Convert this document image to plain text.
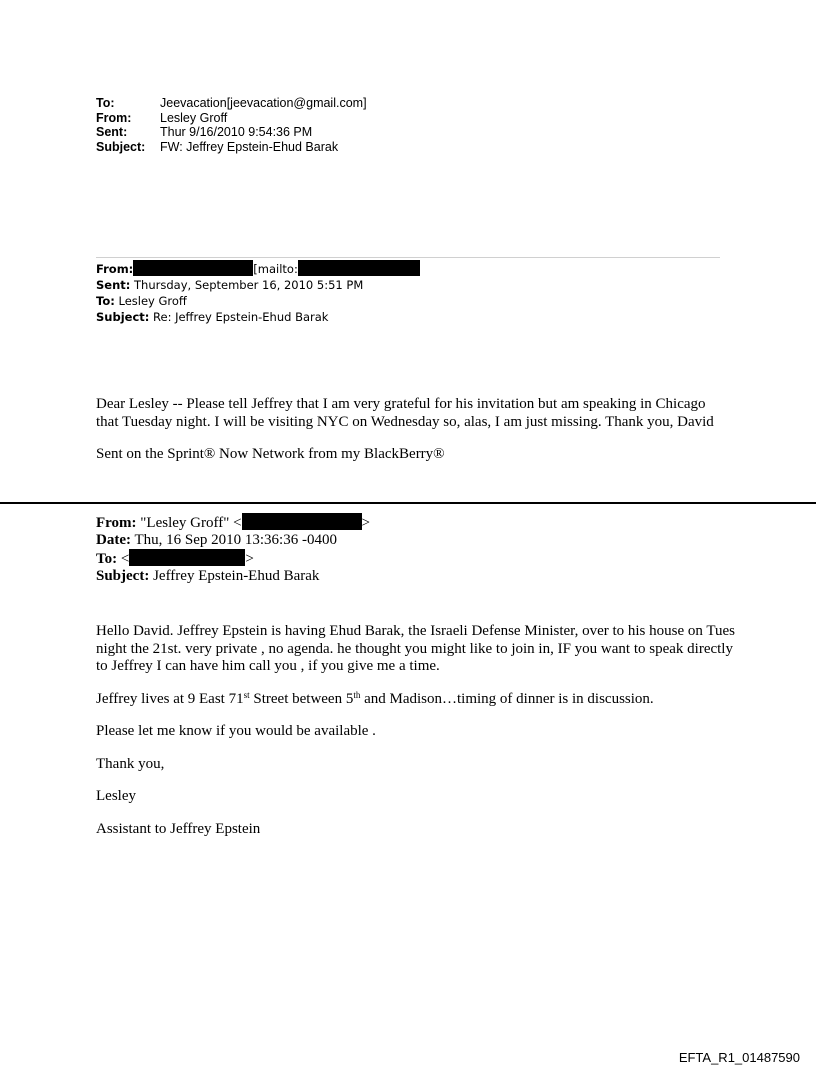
To:	Jeevacation[jeevacation@gmail.com]
From:	Lesley Groff
Sent:	Thur 9/16/2010 9:54:36 PM
Subject:	FW: Jeffrey Epstein-Ehud Barak
From:	[mailto:
Sent: Thursday, September 16, 2010 5:51 PM
To: Lesley Groff
Subject: Re: Jeffrey Epstein-Ehud Barak

Dear Lesley -- Please tell Jeffrey that I am very grateful for his invitation but am speaking in Chicago that Tuesday night. I will be visiting NYC on Wednesday so, alas, I am just missing. Thank you, David

Sent on the Sprint® Now Network from my BlackBerry®

From: "Lesley Groff" <	>
Date: Thu, 16 Sep 2010 13:36:36 -0400
To: <	>
Subject: Jeffrey Epstein-Ehud Barak

Hello David. Jeffrey Epstein is having Ehud Barak, the Israeli Defense Minister, over to his house on Tues night the 21st. very private , no agenda. he thought you might like to join in, IF you want to speak directly to Jeffrey I can have him call you , if you give me a time.

Jeffrey lives at 9 East 71st Street between 5th and Madison…timing of dinner is in discussion.

Please let me know if you would be available .

Thank you,

Lesley

Assistant to Jeffrey Epstein

EFTA_R1_01487590
